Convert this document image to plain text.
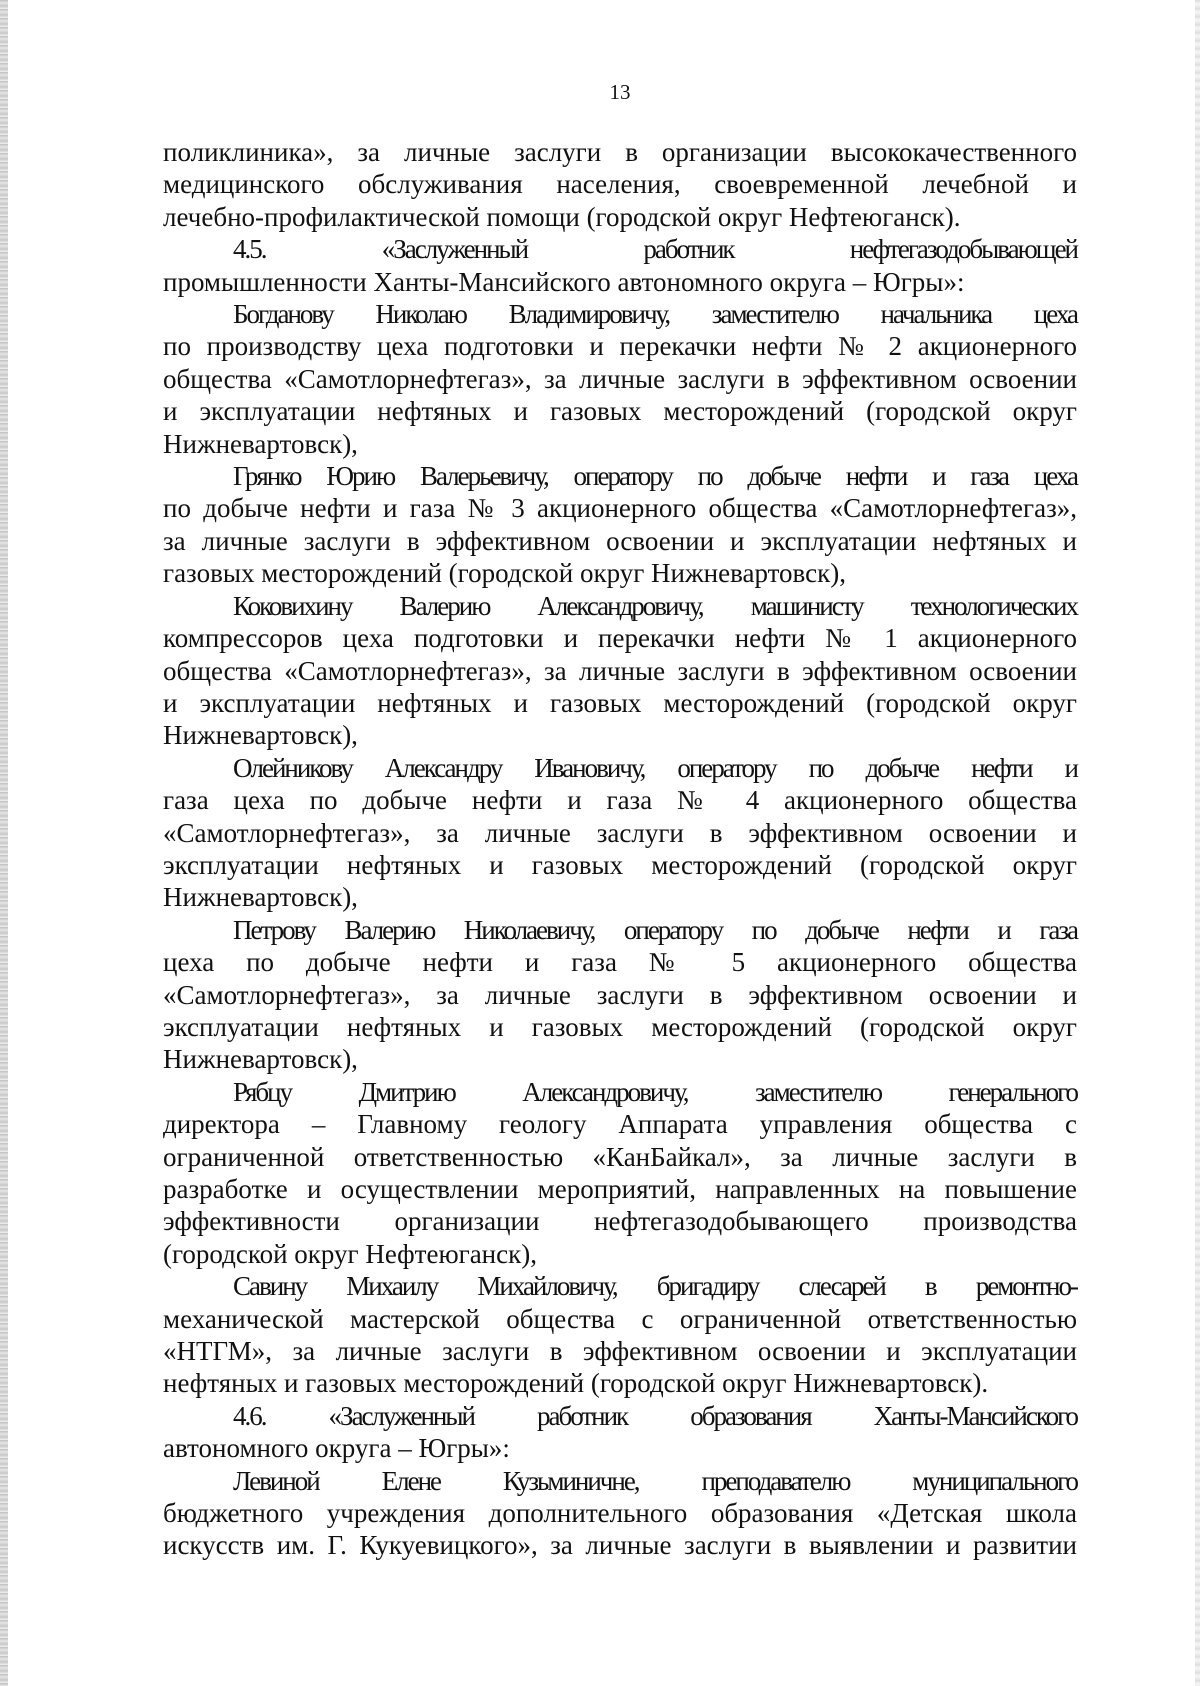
13
поликлиника», за личные заслуги в организации высококачественного
медицинского обслуживания населения, своевременной лечебной и
лечебно-профилактической помощи (городской округ Нефтеюганск).
4.5. «Заслуженный работник нефтегазодобывающей
промышленности Ханты-Мансийского автономного округа – Югры»:
Богданову Николаю Владимировичу, заместителю начальника цеха
по производству цеха подготовки и перекачки нефти № 2 акционерного
общества «Самотлорнефтегаз», за личные заслуги в эффективном освоении
и эксплуатации нефтяных и газовых месторождений (городской округ
Нижневартовск),
Грянко Юрию Валерьевичу, оператору по добыче нефти и газа цеха
по добыче нефти и газа № 3 акционерного общества «Самотлорнефтегаз»,
за личные заслуги в эффективном освоении и эксплуатации нефтяных и
газовых месторождений (городской округ Нижневартовск),
Коковихину Валерию Александровичу, машинисту технологических
компрессоров цеха подготовки и перекачки нефти № 1 акционерного
общества «Самотлорнефтегаз», за личные заслуги в эффективном освоении
и эксплуатации нефтяных и газовых месторождений (городской округ
Нижневартовск),
Олейникову Александру Ивановичу, оператору по добыче нефти и
газа цеха по добыче нефти и газа № 4 акционерного общества
«Самотлорнефтегаз», за личные заслуги в эффективном освоении и
эксплуатации нефтяных и газовых месторождений (городской округ
Нижневартовск),
Петрову Валерию Николаевичу, оператору по добыче нефти и газа
цеха по добыче нефти и газа № 5 акционерного общества
«Самотлорнефтегаз», за личные заслуги в эффективном освоении и
эксплуатации нефтяных и газовых месторождений (городской округ
Нижневартовск),
Рябцу Дмитрию Александровичу, заместителю генерального
директора – Главному геологу Аппарата управления общества с
ограниченной ответственностью «КанБайкал», за личные заслуги в
разработке и осуществлении мероприятий, направленных на повышение
эффективности организации нефтегазодобывающего производства
(городской округ Нефтеюганск),
Савину Михаилу Михайловичу, бригадиру слесарей в ремонтно-
механической мастерской общества с ограниченной ответственностью
«НТГМ», за личные заслуги в эффективном освоении и эксплуатации
нефтяных и газовых месторождений (городской округ Нижневартовск).
4.6. «Заслуженный работник образования Ханты-Мансийского
автономного округа – Югры»:
Левиной Елене Кузьминичне, преподавателю муниципального
бюджетного учреждения дополнительного образования «Детская школа
искусств им. Г. Кукуевицкого», за личные заслуги в выявлении и развитии
